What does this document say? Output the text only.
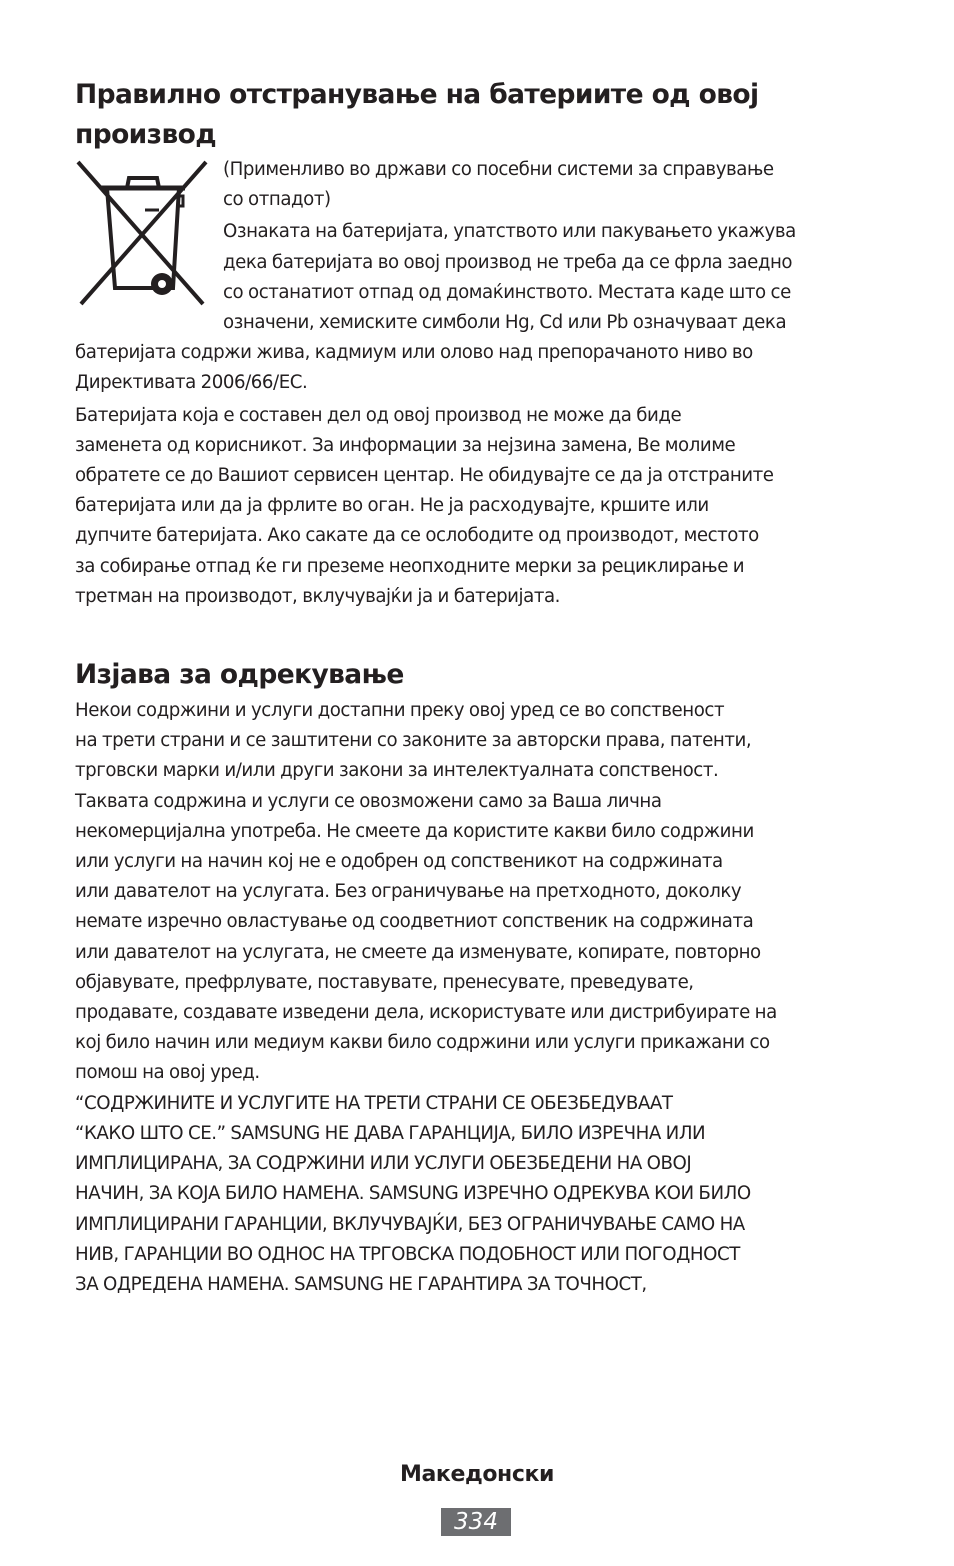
Правилно отстранување на батериите од овој
производ

(Применливо во држави со посебни системи за справување

со отпадот)

Ознаката на батеријата, упатството или пакувањето укажува

дека батеријата во овој производ не треба да се фрла заедно

со останатиот отпад од домаќинството. Местата каде што се

означени, хемиските симболи Hg, Cd или Pb означуваат дека

батеријата содржи жива, кадмиум или олово над препорачаното ниво во

Директивата 2006/66/EC.

Батеријата која е составен дел од овој производ не може да биде

заменета од корисникот. За информации за нејзина замена, Ве молиме

обратете се до Вашиот сервисен центар. Не обидувајте се да ја отстраните

батеријата или да ја фрлите во оган. Не ја расходувајте, кршите или

дупчите батеријата. Ако сакате да се ослободите од производот, местото

за собирање отпад ќе ги преземе неопходните мерки за рециклирање и

третман на производот, вклучувајќи ја и батеријата.

Изјава за одрекување

Некои содржини и услуги достапни преку овој уред се во сопственост

на трети страни и се заштитени со законите за авторски права, патенти,

трговски марки и/или други закони за интелектуалната сопственост.

Таквата содржина и услуги се овозможени само за Ваша лична

некомерцијална употреба. Не смеете да користите какви било содржини

или услуги на начин кој не е одобрен од сопственикот на содржината

или давателот на услугата. Без ограничување на претходното, доколку

немате изречно овластување од соодветниот сопственик на содржината

или давателот на услугата, не смеете да изменувате, копирате, повторно

објавувате, префрлувате, поставувате, пренесувате, преведувате,

продавате, создавате изведени дела, искористувате или дистрибуирате на

кој било начин или медиум какви било содржини или услуги прикажани со

помош на овој уред.

“СОДРЖИНИТЕ И УСЛУГИТЕ НА ТРЕТИ СТРАНИ СЕ ОБЕЗБЕДУВААТ

“КАКО ШТО СЕ.” SAMSUNG НЕ ДАВА ГАРАНЦИЈА, БИЛО ИЗРЕЧНА ИЛИ

ИМПЛИЦИРАНА, ЗА СОДРЖИНИ ИЛИ УСЛУГИ ОБЕЗБЕДЕНИ НА ОВОЈ

НАЧИН, ЗА КОЈА БИЛО НАМЕНА. SAMSUNG ИЗРЕЧНО ОДРЕКУВА КОИ БИЛО

ИМПЛИЦИРАНИ ГАРАНЦИИ, ВКЛУЧУВАЈЌИ, БЕЗ ОГРАНИЧУВАЊЕ САМО НА

НИВ, ГАРАНЦИИ ВО ОДНОС НА ТРГОВСКА ПОДОБНОСТ ИЛИ ПОГОДНОСТ

ЗА ОДРЕДЕНА НАМЕНА. SAMSUNG НЕ ГАРАНТИРА ЗА ТОЧНОСТ,

Македонски
334
